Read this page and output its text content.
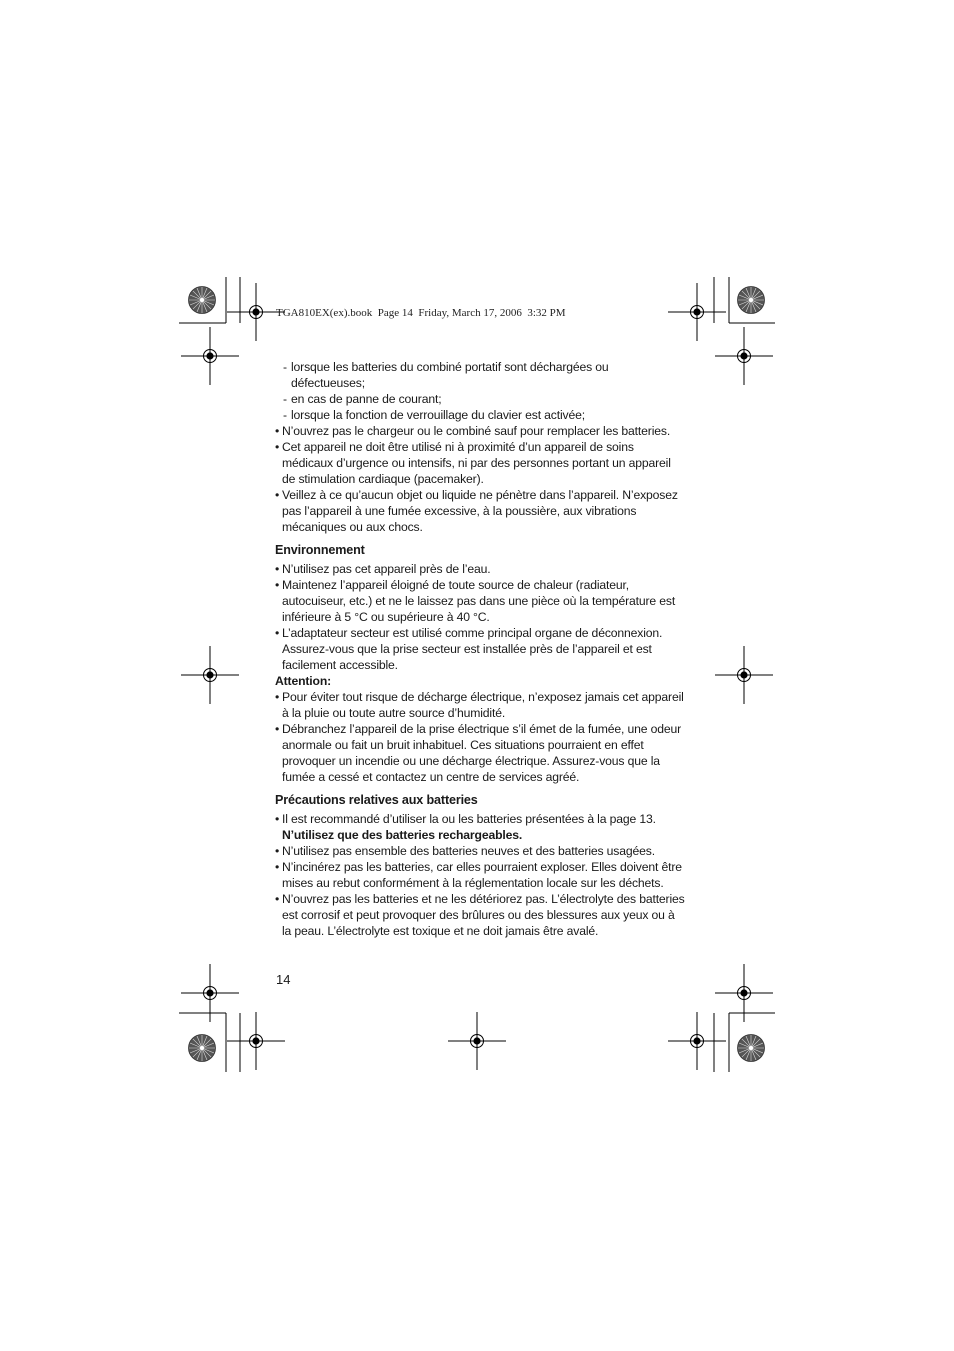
TGA810EX(ex).book  Page 14  Friday, March 17, 2006  3:32 PM
- lorsque les batteries du combiné portatif sont déchargées ou défectueuses;
- en cas de panne de courant;
- lorsque la fonction de verrouillage du clavier est activée;
• N’ouvrez pas le chargeur ou le combiné sauf pour remplacer les batteries.
• Cet appareil ne doit être utilisé ni à proximité d’un appareil de soins médicaux d’urgence ou intensifs, ni par des personnes portant un appareil de stimulation cardiaque (pacemaker).
• Veillez à ce qu’aucun objet ou liquide ne pénètre dans l’appareil. N’exposez pas l’appareil à une fumée excessive, à la poussière, aux vibrations mécaniques ou aux chocs.
Environnement
• N’utilisez pas cet appareil près de l’eau.
• Maintenez l’appareil éloigné de toute source de chaleur (radiateur, autocuiseur, etc.) et ne le laissez pas dans une pièce où la température est inférieure à 5 °C ou supérieure à 40 °C.
• L’adaptateur secteur est utilisé comme principal organe de déconnexion. Assurez-vous que la prise secteur est installée près de l’appareil et est facilement accessible.
Attention:
• Pour éviter tout risque de décharge électrique, n’exposez jamais cet appareil à la pluie ou toute autre source d’humidité.
• Débranchez l’appareil de la prise électrique s’il émet de la fumée, une odeur anormale ou fait un bruit inhabituel. Ces situations pourraient en effet provoquer un incendie ou une décharge électrique. Assurez-vous que la fumée a cessé et contactez un centre de services agréé.
Précautions relatives aux batteries
• Il est recommandé d’utiliser la ou les batteries présentées à la page 13.
N’utilisez que des batteries rechargeables.
• N’utilisez pas ensemble des batteries neuves et des batteries usagées.
• N’incinérez pas les batteries, car elles pourraient exploser. Elles doivent être mises au rebut conformément à la réglementation locale sur les déchets.
• N’ouvrez pas les batteries et ne les détériorez pas. L’électrolyte des batteries est corrosif et peut provoquer des brûlures ou des blessures aux yeux ou à la peau. L’électrolyte est toxique et ne doit jamais être avalé.
14
